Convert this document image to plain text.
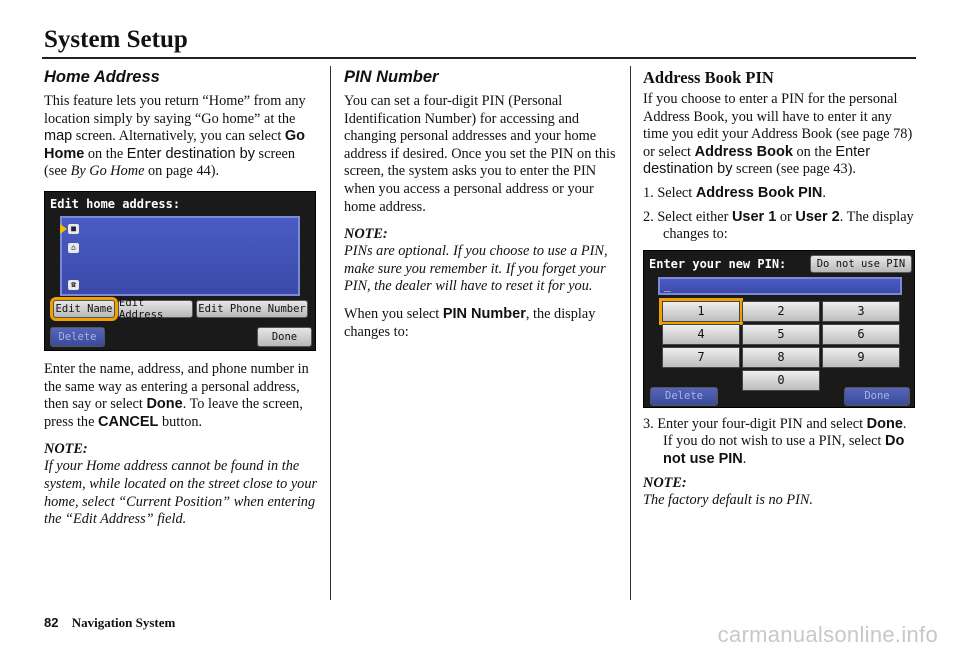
System Setup
Home Address

This feature lets you return “Home” from any location simply by saying “Go home” at the map screen. Alternatively, you can select Go Home on the Enter destination by screen (see By Go Home on page 44).

Edit home address:
■
⌂
☎
Edit Name Edit Address	Edit Phone Number
Delete	Done

Enter the name, address, and phone number in the same way as entering a personal address, then say or select Done. To leave the screen, press the CANCEL button.

NOTE:

If your Home address cannot be found in the system, while located on the street close to your home, select “Current Position” when entering the “Edit Address” field.

PIN Number

You can set a four-digit PIN (Personal Identification Number) for accessing and changing personal addresses and your home address if desired. Once you set the PIN on this screen, the system asks you to enter the PIN when you access a personal address or your home address.

NOTE:

PINs are optional. If you choose to use a PIN, make sure you remember it. If you forget your PIN, the dealer will have to reset it for you.

When you select PIN Number, the display changes to:

Address Book PIN

If you choose to enter a PIN for the personal Address Book, you will have to enter it any time you edit your Address Book (see page 78) or select Address Book on the Enter destination by screen (see page 43).

1. Select Address Book PIN.
2. Select either User 1 or User 2. The display changes to:
Enter your new PIN:	Do not use PIN
_
1	2	3
4	5	6
7	8	9
0
Delete	Done
3. Enter your four-digit PIN and select Done. If you do not wish to use a PIN, select Do not use PIN.
NOTE:

The factory default is no PIN.

82 Navigation System	carmanualsonline.info
